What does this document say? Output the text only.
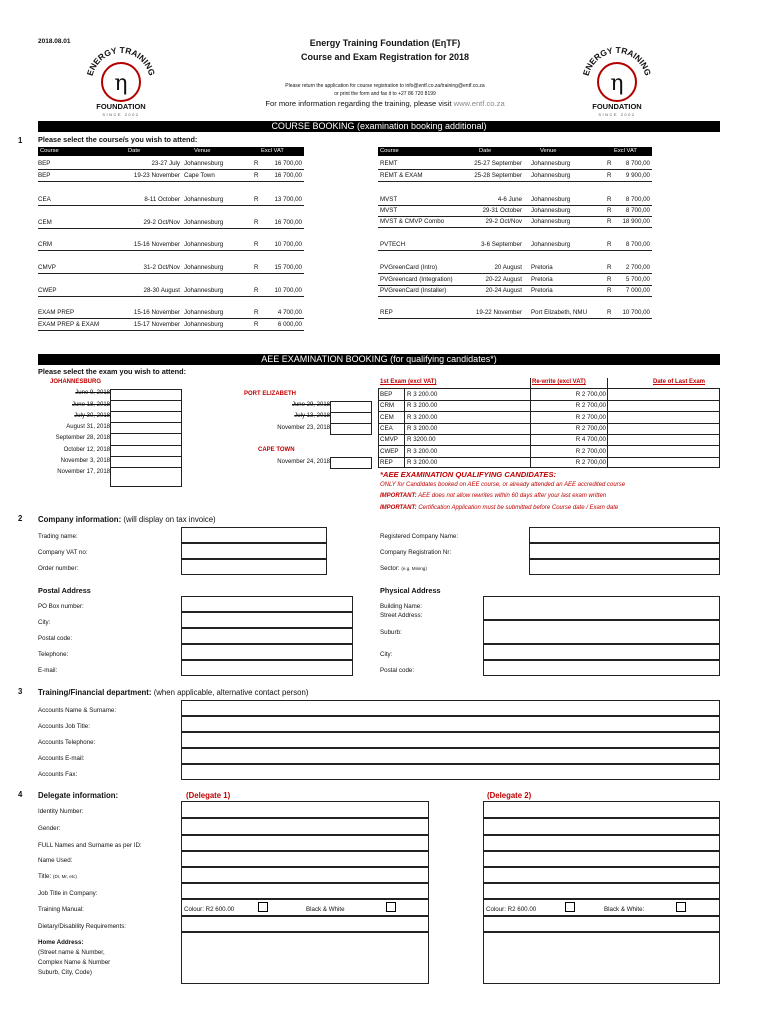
2018.08.01
ENERGY TRAINING
η
FOUNDATION
SINCE 2002
ENERGY TRAINING
η
FOUNDATION
SINCE 2002
Energy Training Foundation (EηTF)
Course and Exam Registration for 2018
Please return the application for course registration to info@entf.co.za/training@entf.co.za
or print the form and fax it to +27 86 720 8199
For more information regarding the training, please visit www.entf.co.za
COURSE BOOKING (examination booking additional)
1 Please select the course/s you wish to attend:
Course	Date	Venue	Excl VAT	Course	Date	Venue	Excl VAT
BEP	23-27 July Johannesburg	R	16 700,00
BEP	19-23 November Cape Town	R	16 700,00
CEA	8-11 October Johannesburg	R	13 700,00
CEM	29-2 Oct/Nov Johannesburg	R	16 700,00
CRM	15-16 November Johannesburg	R	10 700,00
CMVP	31-2 Oct/Nov Johannesburg	R	15 700,00
CWEP	28-30 August Johannesburg	R	10 700,00
EXAM PREP	15-16 November Johannesburg	R	4 700,00
EXAM PREP & EXAM	15-17 November Johannesburg	R	6 000,00
REMT	25-27 September Johannesburg	R	8 700,00
REMT & EXAM	25-28 September Johannesburg	R	9 900,00
MVST	4-6 June Johannesburg	R	8 700,00
MVST	29-31 October Johannesburg	R	8 700,00
MVST & CMVP Combo	29-2 Oct/Nov Johannesburg	R	18 900,00
PVTECH	3-6 September Johannesburg	R	8 700,00
PVGreenCard (Intro)	20 August Pretoria	R	2 700,00
PVGreencard (Integration)	20-22 August Pretoria	R	5 700,00
PVGreenCard (Installer)	20-24 August Pretoria	R	7 000,00
REP	19-22 November Port Elizabeth, NMU	R	10 700,00
AEE EXAMINATION BOOKING (for qualifying candidates*)
Please select the exam you wish to attend:
JOHANNESBURG
PORT ELIZABETH
CAPE TOWN
June 9, 2018
June 18, 2018
July 30, 2018
August 31, 2018
September 28, 2018
October 12, 2018
November 3, 2018
November 17, 2018
June 29, 2018
July 13, 2018
November 23, 2018
November 24, 2018
1st Exam (excl VAT)	Re-write (excl VAT)	Date of Last Exam
BEP R 3 200.00	R 2 700,00
CRM R 3 200.00	R 2 700,00
CEM R 3 200.00	R 2 700,00
CEA R 3 200.00	R 2 700,00
CMVP R 3200.00	R 4 700,00
CWEP R 3 200.00	R 2 700,00
REP R 3 200.00	R 2 700,00
*AEE EXAMINATION QUALIFYING CANDIDATES:
ONLY for Candidates booked on AEE course, or already attended an AEE accredited course
IMPORTANT: AEE does not allow rewrites within 60 days after your last exam written
IMPORTANT: Certification Application must be submitted before Course date / Exam date
2 Company information: (will display on tax invoice)
Trading name:
Company VAT no:
Order number:
Registered Company Name:
Company Registration Nr:
Sector: (e.g. Mining)
Postal Address
PO Box number:
City:
Postal code:
Telephone:
E-mail:
Physical Address
Building Name:
Street Address:
Suburb:
City:
Postal code:
3 Training/Financial department: (when applicable, alternative contact person)
Accounts Name & Surname:
Accounts Job Title:
Accounts Telephone:
Accounts E-mail:
Accounts Fax:
4 Delegate information:	(Delegate 1)	(Delegate 2)
Identity Number:
Gender:
FULL Names and Surname as per ID:
Name Used:
Title: (Dr, Mr, etc)
Job Title in Company:
Training Manual:
Dietary/Disability Requirements:
Home Address:
(Street name & Number,
Complex Name & Number
Suburb, City, Code)
Colour: R2 600.00	Black & White	Colour: R2 600.00	Black & White:
